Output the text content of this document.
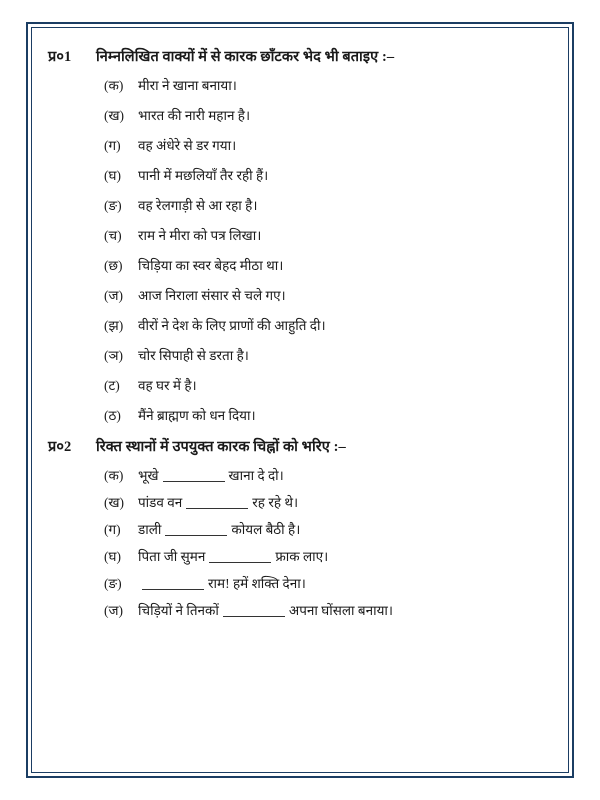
प्र०1	निम्नलिखित वाक्यों में से कारक छाँटकर भेद भी बताइए :–
(क)	मीरा ने खाना बनाया।
(ख)	भारत की नारी महान है।
(ग)	वह अंधेरे से डर गया।
(घ)	पानी में मछलियाँ तैर रही हैं।
(ङ)	वह रेलगाड़ी से आ रहा है।
(च)	राम ने मीरा को पत्र लिखा।
(छ)	चिड़िया का स्वर बेहद मीठा था।
(ज)	आज निराला संसार से चले गए।
(झ)	वीरों ने देश के लिए प्राणों की आहुति दी।
(ञ)	चोर सिपाही से डरता है।
(ट)	वह घर में है।
(ठ)	मैंने ब्राह्मण को धन दिया।
प्र०2	रिक्त स्थानों में उपयुक्त कारक चिह्नों को भरिए :–
(क)	भूखे	खाना दे दो।
(ख)	पांडव वन	रह रहे थे।
(ग)	डाली	कोयल बैठी है।
(घ)	पिता जी सुमन	फ्राक लाए।
(ङ)	राम! हमें शक्ति देना।
(ज)	चिड़ियों ने तिनकों	अपना घोंसला बनाया।
